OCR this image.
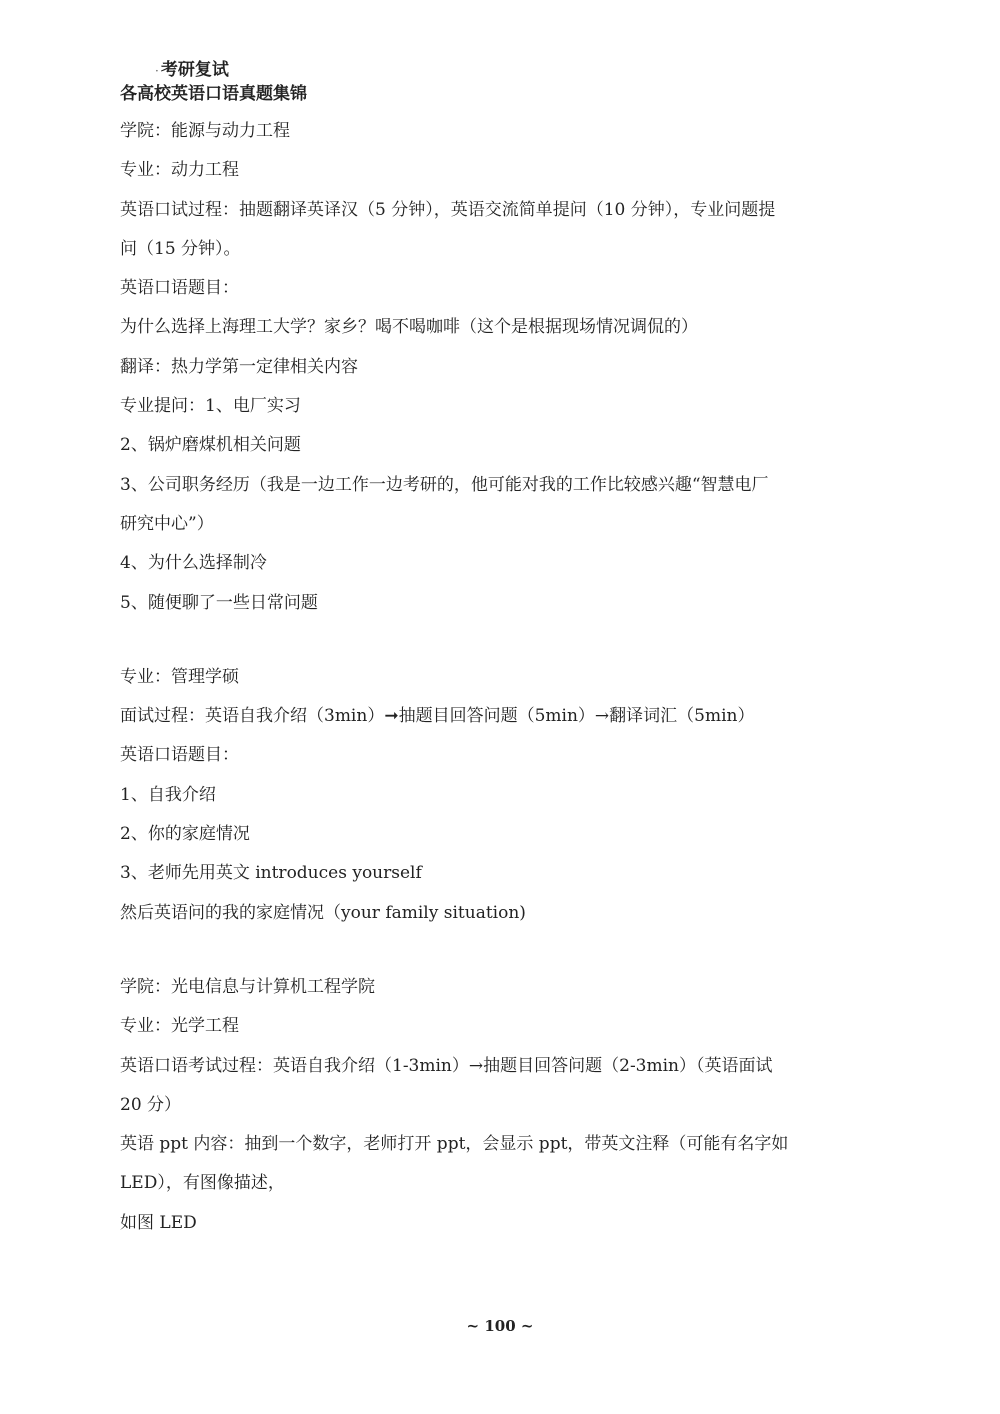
· 考研复试
各高校英语口语真题集锦

学院：能源与动力工程

专业：动力工程

英语口试过程：抽题翻译英译汉（5 分钟），英语交流简单提问（10 分钟），专业问题提

问（15 分钟）。

英语口语题目：

为什么选择上海理工大学？家乡？喝不喝咖啡（这个是根据现场情况调侃的）

翻译：热力学第一定律相关内容

专业提问：1、电厂实习

2、锅炉磨煤机相关问题

3、公司职务经历（我是一边工作一边考研的，他可能对我的工作比较感兴趣“智慧电厂

研究中心”）

4、为什么选择制冷

5、随便聊了一些日常问题

专业：管理学硕

面试过程：英语自我介绍（3min）➞抽题目回答问题（5min）→翻译词汇（5min）

英语口语题目：

1、自我介绍

2、你的家庭情况

3、老师先用英文 introduces yourself

然后英语问的我的家庭情况（your family situation)

学院：光电信息与计算机工程学院

专业：光学工程

英语口语考试过程：英语自我介绍（1-3min）→抽题目回答问题（2-3min）（英语面试

20 分）

英语 ppt 内容：抽到一个数字，老师打开 ppt，会显示 ppt，带英文注释（可能有名字如

LED），有图像描述，

如图 LED

~ 100 ~
